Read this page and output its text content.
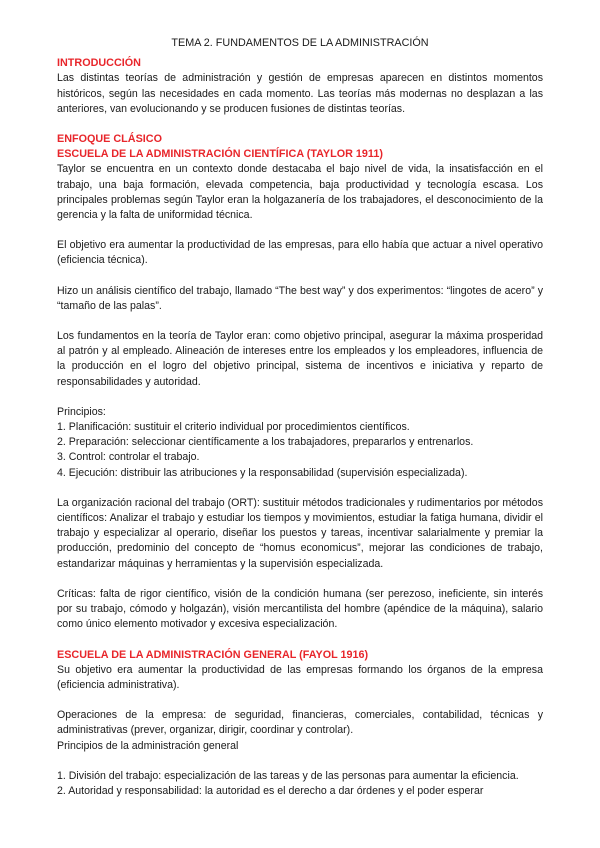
TEMA 2. FUNDAMENTOS DE LA ADMINISTRACIÓN

INTRODUCCIÓN

Las distintas teorías de administración y gestión de empresas aparecen en distintos momentos históricos, según las necesidades en cada momento. Las teorías más modernas no desplazan a las anteriores, van evolucionando y se producen fusiones de distintas teorías.

ENFOQUE CLÁSICO

ESCUELA DE LA ADMINISTRACIÓN CIENTÍFICA (TAYLOR 1911)

Taylor se encuentra en un contexto donde destacaba el bajo nivel de vida, la insatisfacción en el trabajo, una baja formación, elevada competencia, baja productividad y tecnología escasa. Los principales problemas según Taylor eran la holgazanería de los trabajadores, el desconocimiento de la gerencia y la falta de uniformidad técnica.

El objetivo era aumentar la productividad de las empresas, para ello había que actuar a nivel operativo (eficiencia técnica).

Hizo un análisis científico del trabajo, llamado “The best way” y dos experimentos: “lingotes de acero” y “tamaño de las palas”.

Los fundamentos en la teoría de Taylor eran: como objetivo principal, asegurar la máxima prosperidad al patrón y al empleado. Alineación de intereses entre los empleados y los empleadores, influencia de la producción en el logro del objetivo principal, sistema de incentivos e iniciativa y reparto de responsabilidades y autoridad.

Principios:

1. Planificación: sustituir el criterio individual por procedimientos científicos.
2. Preparación: seleccionar científicamente a los trabajadores, prepararlos y entrenarlos.
3. Control: controlar el trabajo.
4. Ejecución: distribuir las atribuciones y la responsabilidad (supervisión especializada).

La organización racional del trabajo (ORT): sustituir métodos tradicionales y rudimentarios por métodos científicos: Analizar el trabajo y estudiar los tiempos y movimientos, estudiar la fatiga humana, dividir el trabajo y especializar al operario, diseñar los puestos y tareas, incentivar salarialmente y premiar la producción, predominio del concepto de “homus economicus”, mejorar las condiciones de trabajo, estandarizar máquinas y herramientas y la supervisión especializada.

Críticas: falta de rigor científico, visión de la condición humana (ser perezoso, ineficiente, sin interés por su trabajo, cómodo y holgazán), visión mercantilista del hombre (apéndice de la máquina), salario como único elemento motivador y excesiva especialización.

ESCUELA DE LA ADMINISTRACIÓN GENERAL (FAYOL 1916)

Su objetivo era aumentar la productividad de las empresas formando los órganos de la empresa (eficiencia administrativa).

Operaciones de la empresa: de seguridad, financieras, comerciales, contabilidad, técnicas y administrativas (prever, organizar, dirigir, coordinar y controlar).

Principios de la administración general

1. División del trabajo: especialización de las tareas y de las personas para aumentar la eficiencia.
2. Autoridad y responsabilidad: la autoridad es el derecho a dar órdenes y el poder esperar
